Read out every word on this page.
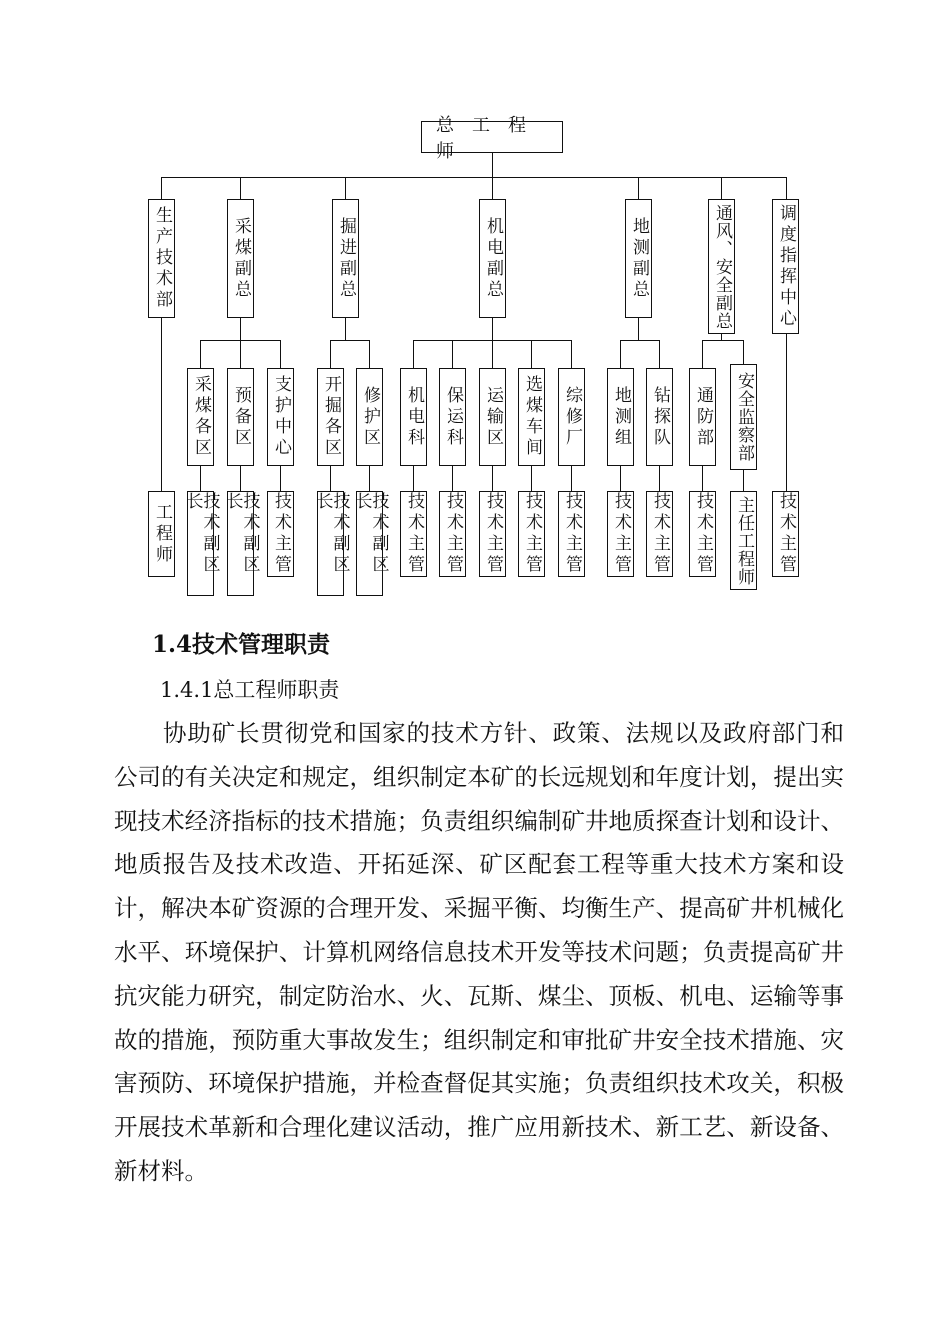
总工程师
生产技术部	采煤副总	掘进副总	机电副总	地测副总	通风、安全副总	调度指挥中心
采煤各区 预备区 支护中心 开掘各区 修护区 机电科 保运科 运输区 选煤车间 综修厂 地测组 钻探队 通防部 安全监察部
工程师	技术副区长	技术副区长	技术主管	技术副区长	技术副区长	技术主管 技术主管 技术主管 技术主管 技术主管 技术主管 技术主管 技术主管 主任工程师 技术主管
1.4技术管理职责
1.4.1总工程师职责

协助矿长贯彻党和国家的技术方针、政策、法规以及政府部门和公司的有关决定和规定，组织制定本矿的长远规划和年度计划，提出实现技术经济指标的技术措施；负责组织编制矿井地质探查计划和设计、地质报告及技术改造、开拓延深、矿区配套工程等重大技术方案和设计，解决本矿资源的合理开发、采掘平衡、均衡生产、提高矿井机械化水平、环境保护、计算机网络信息技术开发等技术问题；负责提高矿井抗灾能力研究，制定防治水、火、瓦斯、煤尘、顶板、机电、运输等事故的措施，预防重大事故发生；组织制定和审批矿井安全技术措施、灾害预防、环境保护措施，并检查督促其实施；负责组织技术攻关，积极开展技术革新和合理化建议活动，推广应用新技术、新工艺、新设备、新材料。
